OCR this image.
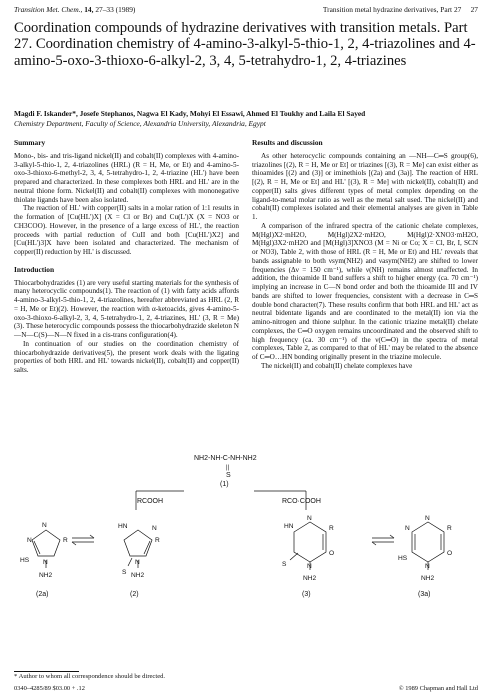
Transition Met. Chem., 14, 27–33 (1989)	Transition metal hydrazine derivatives, Part 27 27
Coordination compounds of hydrazine derivatives with transition metals. Part 27. Coordination chemistry of 4-amino-3-alkyl-5-thio-1, 2, 4-triazolines and 4-amino-5-oxo-3-thioxo-6-alkyl-2, 3, 4, 5-tetrahydro-1, 2, 4-triazines
Magdi F. Iskander*, Josefe Stephanos, Nagwa El Kady, Mohyi El Essawi, Ahmed El Toukhy and Laila El Sayed
Chemistry Department, Faculty of Science, Alexandria University, Alexandria, Egypt
Summary

Mono-, bis- and tris-ligand nickel(II) and cobalt(II) complexes with 4-amino-3-alkyl-5-thio-1, 2, 4-triazolines (HRL) (R = H, Me, or Et) and 4-amino-5-oxo-3-thioxo-6-methyl-2, 3, 4, 5-tetrahydro-1, 2, 4-triazine (HL') have been prepared and characterized. In these complexes both HRL and HL' are in the neutral thione form. Nickel(II) and cobalt(II) complexes with mononegative thiolate ligands have been also isolated.

The reaction of HL' with copper(II) salts in a molar ration of 1:1 results in the formation of [Cu(HL')X] (X = Cl or Br) and Cu(L')X (X = NO3 or CH3COO). However, in the presence of a large excess of HL', the reaction proceeds with partial reduction of CuII and both [Cu(HL')X2] and [Cu(HL')3]X have been isolated and characterized. The mechanism of copper(II) reduction by HL' is discussed.

Introduction

Thiocarbohydrazides (1) are very useful starting materials for the synthesis of many heterocyclic compounds(1). The reaction of (1) with fatty acids affords 4-amino-3-alkyl-5-thio-1, 2, 4-triazolines, hereafter abbreviated as HRL (2, R = H, Me or Et)(2). However, the reaction with α-ketoacids, gives 4-amino-5-oxo-3-thioxo-6-alkyl-2, 3, 4, 5-tetrahydro-1, 2, 4-triazines, HL' (3, R = Me)(3). These heterocyclic compounds possess the thiocarbohydrazide skeleton N—N—C(S)—N—N fixed in a cis-trans configuration(4).

In continuation of our studies on the coordination chemistry of thiocarbohydrazide derivatives(5), the present work deals with the ligating properties of both HRL and HL' towards nickel(II), cobalt(II) and copper(II) salts.

Results and discussion

As other heterocyclic compounds containing an —NH—C═S group(6), triazolines [(2), R = H, Me or Et] or triazines [(3), R = Me] can exist either as thioamides [(2) and (3)] or iminethiols [(2a) and (3a)]. The reaction of HRL [(2), R = H, Me or Et] and HL' [(3), R = Me] with nickel(II), cobalt(II) and copper(II) salts gives different types of metal complex depending on the ligand-to-metal molar ratio as well as the metal salt used. The nickel(II) and cobalt(II) complexes isolated and their elemental analyses are given in Table 1.

A comparison of the infrared spectra of the cationic chelate complexes, M(Hgl)X2·mH2O, M(Hgl)2X2·mH2O, M(Hgl)2·XNO3·mH2O, M(Hgl)3X2·mH2O and [M(Hgl)3]XNO3 (M = Ni or Co; X = Cl, Br, I, SCN or NO3), Table 2, with those of HRL (R = H, Me or Et) and HL' reveals that bands assignable to both νsym(NH2) and νasym(NH2) are shifted to lower frequencies (Δν = 150 cm⁻¹), while ν(NH) remains almost unaffected. In addition, the thioamide II band suffers a shift to higher energy (ca. 70 cm⁻¹) implying an increase in C—N bond order and both the thioamide III and IV bands are shifted to lower frequencies, consistent with a decrease in C═S double bond character(7). These results confirm that both HRL and HL' act as neutral bidentate ligands and are coordinated to the metal(II) ion via the amino-nitrogen and thione sulphur. In the cationic triazine metal(II) chelate complexes, the C═O oxygen remains uncoordinated and the observed shift to high frequency (ca. 30 cm⁻¹) of the ν(C═O) in the spectra of metal complexes, Table 2, as compared to that of HL' may be related to the absence of C═O…HN bonding originally present in the triazine molecule.

The nickel(II) and cobalt(II) chelate complexes have

NH2-NH-C-NH-NH2
||
S
(1)
RCOOH	RCO·COOH
N
N	R
HS N
NH2
HN	N
R
S
N
NH2
HN
N
R
O
S	N
NH2
N
N
R
O
HS
N
NH2
(2a)	(2)	(3)	(3a)
* Author to whom all correspondence should be directed.
0340–4285/89 $03.00 + .12	© 1989 Chapman and Hall Ltd
